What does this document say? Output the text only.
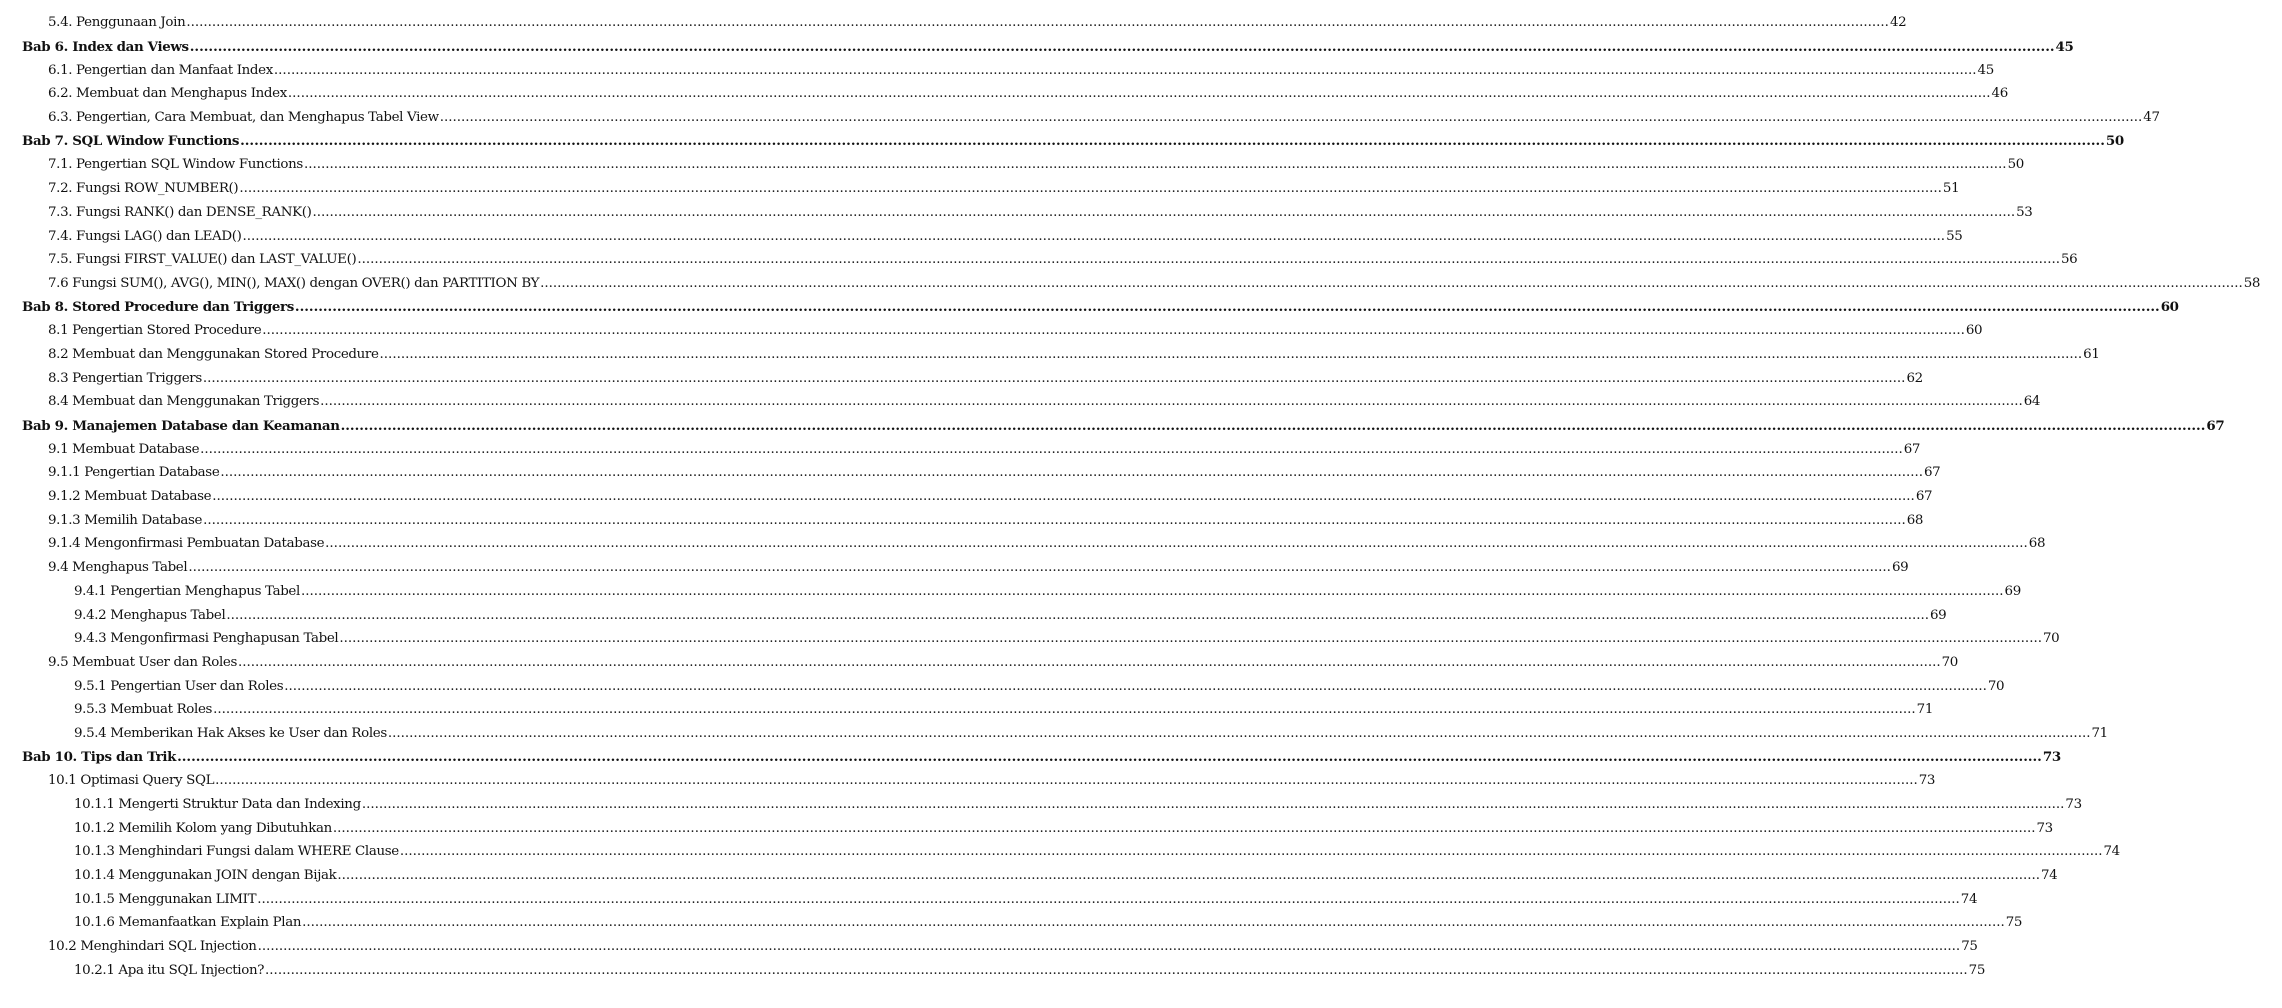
5.4. Penggunaan Join ................................................................................................................................................................................................................................................................................................................................................................................................................ 42
Bab 6. Index dan Views ................................................................................................................................................................................................................................................................................................................................................................................................................ 45
6.1. Pengertian dan Manfaat Index ................................................................................................................................................................................................................................................................................................................................................................................................................ 45
6.2. Membuat dan Menghapus Index ................................................................................................................................................................................................................................................................................................................................................................................................................ 46
6.3. Pengertian, Cara Membuat, dan Menghapus Tabel View ................................................................................................................................................................................................................................................................................................................................................................................................................ 47
Bab 7. SQL Window Functions ................................................................................................................................................................................................................................................................................................................................................................................................................ 50
7.1. Pengertian SQL Window Functions ................................................................................................................................................................................................................................................................................................................................................................................................................ 50
7.2. Fungsi ROW_NUMBER() ................................................................................................................................................................................................................................................................................................................................................................................................................ 51
7.3. Fungsi RANK() dan DENSE_RANK() ................................................................................................................................................................................................................................................................................................................................................................................................................ 53
7.4. Fungsi LAG() dan LEAD() ................................................................................................................................................................................................................................................................................................................................................................................................................ 55
7.5. Fungsi FIRST_VALUE() dan LAST_VALUE() ................................................................................................................................................................................................................................................................................................................................................................................................................ 56
7.6 Fungsi SUM(), AVG(), MIN(), MAX() dengan OVER() dan PARTITION BY ................................................................................................................................................................................................................................................................................................................................................................................................................ 58
Bab 8. Stored Procedure dan Triggers ................................................................................................................................................................................................................................................................................................................................................................................................................ 60
8.1 Pengertian Stored Procedure ................................................................................................................................................................................................................................................................................................................................................................................................................ 60
8.2 Membuat dan Menggunakan Stored Procedure ................................................................................................................................................................................................................................................................................................................................................................................................................ 61
8.3 Pengertian Triggers ................................................................................................................................................................................................................................................................................................................................................................................................................ 62
8.4 Membuat dan Menggunakan Triggers ................................................................................................................................................................................................................................................................................................................................................................................................................ 64
Bab 9. Manajemen Database dan Keamanan ................................................................................................................................................................................................................................................................................................................................................................................................................ 67
9.1 Membuat Database ................................................................................................................................................................................................................................................................................................................................................................................................................ 67
9.1.1 Pengertian Database ................................................................................................................................................................................................................................................................................................................................................................................................................ 67
9.1.2 Membuat Database ................................................................................................................................................................................................................................................................................................................................................................................................................ 67
9.1.3 Memilih Database ................................................................................................................................................................................................................................................................................................................................................................................................................ 68
9.1.4 Mengonfirmasi Pembuatan Database ................................................................................................................................................................................................................................................................................................................................................................................................................ 68
9.4 Menghapus Tabel ................................................................................................................................................................................................................................................................................................................................................................................................................ 69
9.4.1 Pengertian Menghapus Tabel ................................................................................................................................................................................................................................................................................................................................................................................................................ 69
9.4.2 Menghapus Tabel ................................................................................................................................................................................................................................................................................................................................................................................................................ 69
9.4.3 Mengonfirmasi Penghapusan Tabel ................................................................................................................................................................................................................................................................................................................................................................................................................ 70
9.5 Membuat User dan Roles ................................................................................................................................................................................................................................................................................................................................................................................................................ 70
9.5.1 Pengertian User dan Roles ................................................................................................................................................................................................................................................................................................................................................................................................................ 70
9.5.3 Membuat Roles ................................................................................................................................................................................................................................................................................................................................................................................................................ 71
9.5.4 Memberikan Hak Akses ke User dan Roles ................................................................................................................................................................................................................................................................................................................................................................................................................ 71
Bab 10. Tips dan Trik ................................................................................................................................................................................................................................................................................................................................................................................................................ 73
10.1 Optimasi Query SQL ................................................................................................................................................................................................................................................................................................................................................................................................................ 73
10.1.1 Mengerti Struktur Data dan Indexing ................................................................................................................................................................................................................................................................................................................................................................................................................ 73
10.1.2 Memilih Kolom yang Dibutuhkan ................................................................................................................................................................................................................................................................................................................................................................................................................ 73
10.1.3 Menghindari Fungsi dalam WHERE Clause ................................................................................................................................................................................................................................................................................................................................................................................................................ 74
10.1.4 Menggunakan JOIN dengan Bijak ................................................................................................................................................................................................................................................................................................................................................................................................................ 74
10.1.5 Menggunakan LIMIT ................................................................................................................................................................................................................................................................................................................................................................................................................ 74
10.1.6 Memanfaatkan Explain Plan ................................................................................................................................................................................................................................................................................................................................................................................................................ 75
10.2 Menghindari SQL Injection ................................................................................................................................................................................................................................................................................................................................................................................................................ 75
10.2.1 Apa itu SQL Injection? ................................................................................................................................................................................................................................................................................................................................................................................................................ 75
